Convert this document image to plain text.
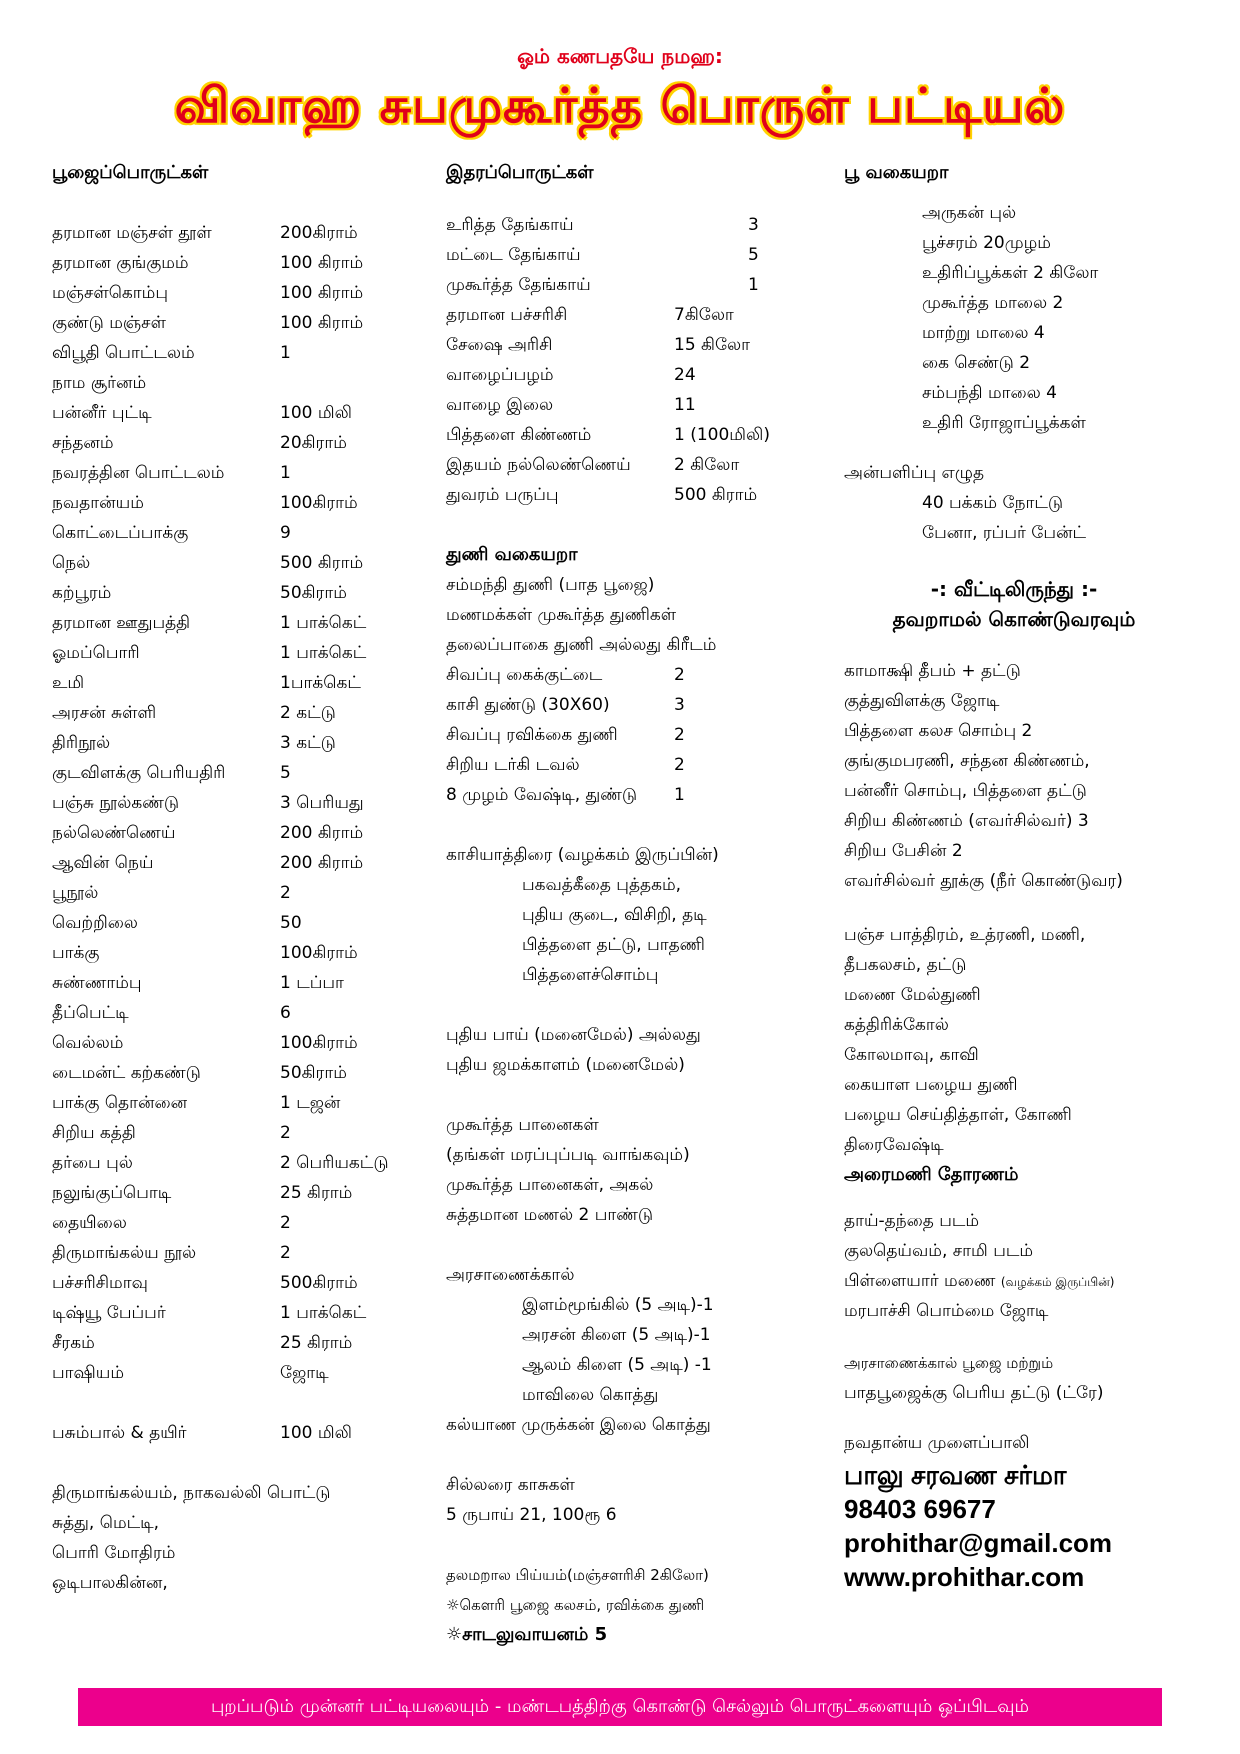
ஓம் கணபதயே நமஹ:
விவாஹ சுபமுகூர்த்த பொருள் பட்டியல்
பூஜைப்பொருட்கள்
தரமான மஞ்சள் தூள்	200கிராம்
தரமான குங்குமம்	100 கிராம்
மஞ்சள்கொம்பு	100 கிராம்
குண்டு மஞ்சள்	100 கிராம்
விபூதி பொட்டலம்	1
நாம சூர்னம்
பன்னீர் புட்டி	100 மிலி
சந்தனம்	20கிராம்
நவரத்தின பொட்டலம்	1
நவதான்யம்	100கிராம்
கொட்டைப்பாக்கு	9
நெல்	500 கிராம்
கற்பூரம்	50கிராம்
தரமான ஊதுபத்தி	1 பாக்கெட்
ஓமப்பொரி	1 பாக்கெட்
உமி	1பாக்கெட்
அரசன் சுள்ளி	2 கட்டு
திரிநூல்	3 கட்டு
குடவிளக்கு பெரியதிரி	5
பஞ்சு நூல்கண்டு	3 பெரியது
நல்லெண்ணெய்	200 கிராம்
ஆவின் நெய்	200 கிராம்
பூநூல்	2
வெற்றிலை	50
பாக்கு	100கிராம்
சுண்ணாம்பு	1 டப்பா
தீப்பெட்டி	6
வெல்லம்	100கிராம்
டைமன்ட் கற்கண்டு	50கிராம்
பாக்கு தொன்னை	1 டஜன்
சிறிய கத்தி	2
தர்பை புல்	2 பெரியகட்டு
நலுங்குப்பொடி	25 கிராம்
தையிலை	2
திருமாங்கல்ய நூல்	2
பச்சரிசிமாவு	500கிராம்
டிஷ்யூ பேப்பர்	1 பாக்கெட்
சீரகம்	25 கிராம்
பாஷியம்	ஜோடி
பசும்பால் & தயிர்	100 மிலி
திருமாங்கல்யம், நாகவல்லி பொட்டு
சுத்து, மெட்டி,
பொரி மோதிரம்
ஒடிபாலகின்ன,
இதரப்பொருட்கள்
உரித்த தேங்காய்	3
மட்டை தேங்காய்	5
முகூர்த்த தேங்காய்	1
தரமான பச்சரிசி	7கிலோ
சேஷை அரிசி	15 கிலோ
வாழைப்பழம்	24
வாழை இலை	11
பித்தளை கிண்ணம்	1 (100மிலி)
இதயம் நல்லெண்ணெய்	2 கிலோ
துவரம் பருப்பு	500 கிராம்
துணி வகையறா
சம்மந்தி துணி (பாத பூஜை)
மணமக்கள் முகூர்த்த துணிகள்
தலைப்பாகை துணி அல்லது கிரீடம்
சிவப்பு கைக்குட்டை	2
காசி துண்டு (30X60)	3
சிவப்பு ரவிக்கை துணி	2
சிறிய டர்கி டவல்	2
8 முழம் வேஷ்டி, துண்டு 1
காசியாத்திரை (வழக்கம் இருப்பின்)
பகவத்கீதை புத்தகம்,
புதிய குடை, விசிறி, தடி
பித்தளை தட்டு, பாதணி
பித்தளைச்சொம்பு
புதிய பாய் (மனைமேல்) அல்லது
புதிய ஜமக்காளம் (மனைமேல்)
முகூர்த்த பானைகள்
(தங்கள் மரப்புப்படி வாங்கவும்)
முகூர்த்த பானைகள், அகல்
சுத்தமான மணல் 2 பாண்டு
அரசாணைக்கால்
இளம்மூங்கில் (5 அடி)-1
அரசன் கிளை (5 அடி)-1
ஆலம் கிளை (5 அடி) -1
மாவிலை கொத்து
கல்யாண முருக்கன் இலை கொத்து
சில்லரை காசுகள்
5 ருபாய் 21, 100ரூ 6
தலமறால பிய்யம்(மஞ்சளரிசி 2கிலோ)
☼கௌரி பூஜை கலசம், ரவிக்கை துணி
☼சாடலுவாயனம் 5
பூ வகையறா
அருகன் புல்
பூச்சரம் 20முழம்
உதிரிப்பூக்கள் 2 கிலோ
முகூர்த்த மாலை 2
மாற்று மாலை 4
கை செண்டு 2
சம்பந்தி மாலை 4
உதிரி ரோஜாப்பூக்கள்
அன்பளிப்பு எழுத
40 பக்கம் நோட்டு
பேனா, ரப்பர் பேன்ட்
-: வீட்டிலிருந்து :-
தவறாமல் கொண்டுவரவும்
காமாக்ஷி தீபம் + தட்டு
குத்துவிளக்கு ஜோடி
பித்தளை கலச சொம்பு 2
குங்குமபரணி, சந்தன கிண்ணம்,
பன்னீர் சொம்பு, பித்தளை தட்டு
சிறிய கிண்ணம் (எவர்சில்வர்) 3
சிறிய பேசின் 2
எவர்சில்வர் தூக்கு (நீர் கொண்டுவர)
பஞ்ச பாத்திரம், உத்ரணி, மணி,
தீபகலசம், தட்டு
மணை மேல்துணி
கத்திரிக்கோல்
கோலமாவு, காவி
கையாள பழைய துணி
பழைய செய்தித்தாள், கோணி
திரைவேஷ்டி
அரைமணி தோரணம்
தாய்-தந்தை படம்
குலதெய்வம், சாமி படம்
பிள்ளையார் மணை (வழக்கம் இருப்பின்)
மரபாச்சி பொம்மை ஜோடி
அரசாணைக்கால் பூஜை மற்றும்
பாதபூஜைக்கு பெரிய தட்டு (ட்ரே)
நவதான்ய முளைப்பாலி
பாலு சரவண சர்மா
98403 69677
prohithar@gmail.com
www.prohithar.com
புறப்படும் முன்னர் பட்டியலையும் - மண்டபத்திற்கு கொண்டு செல்லும் பொருட்களையும் ஒப்பிடவும்
